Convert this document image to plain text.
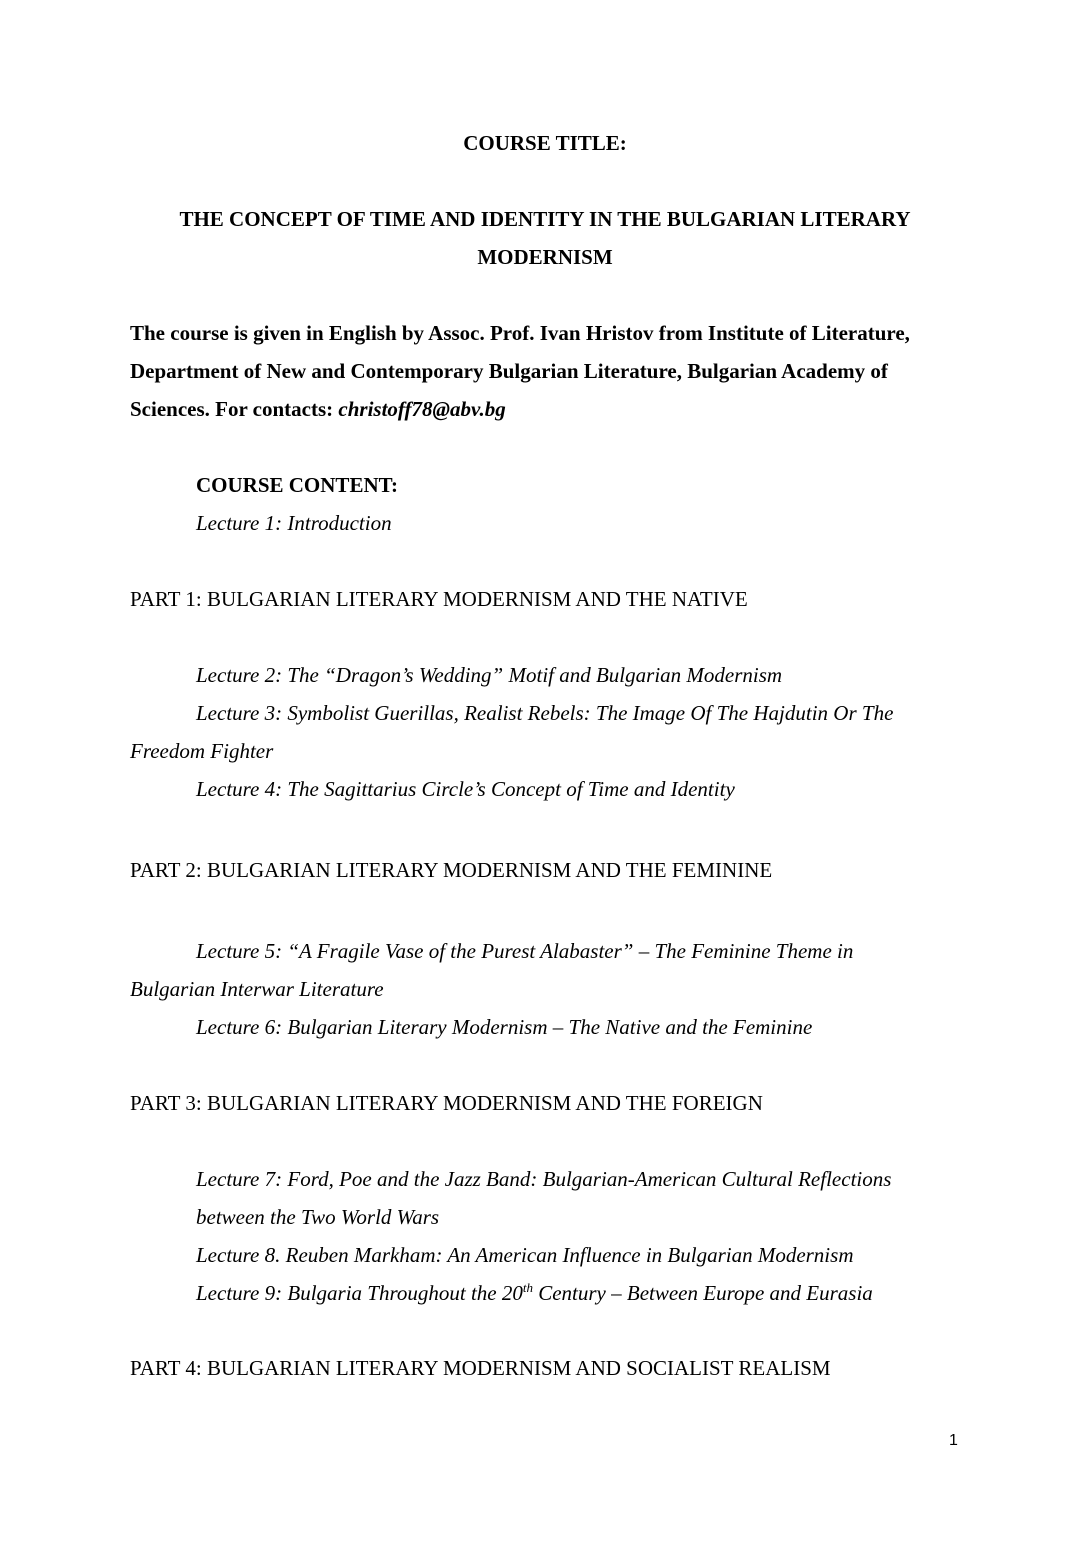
COURSE TITLE:
THE CONCEPT OF TIME AND IDENTITY IN THE BULGARIAN LITERARY
MODERNISM
The course is given in English by Assoc. Prof. Ivan Hristov from Institute of Literature,
Department of New and Contemporary Bulgarian Literature, Bulgarian Academy of
Sciences. For contacts: christoff78@abv.bg
COURSE CONTENT:
Lecture 1: Introduction
PART 1: BULGARIAN LITERARY MODERNISM AND THE NATIVE
Lecture 2: The “Dragon’s Wedding” Motif and Bulgarian Modernism
Lecture 3: Symbolist Guerillas, Realist Rebels: The Image Of The Hajdutin Or The
Freedom Fighter
Lecture 4: The Sagittarius Circle’s Concept of Time and Identity
PART 2: BULGARIAN LITERARY MODERNISM AND THE FEMININE
Lecture 5: “A Fragile Vase of the Purest Alabaster” – The Feminine Theme in
Bulgarian Interwar Literature
Lecture 6: Bulgarian Literary Modernism – The Native and the Feminine
PART 3: BULGARIAN LITERARY MODERNISM AND THE FOREIGN
Lecture 7: Ford, Poe and the Jazz Band: Bulgarian-American Cultural Reflections
between the Two World Wars
Lecture 8. Reuben Markham: An American Influence in Bulgarian Modernism
Lecture 9: Bulgaria Throughout the 20th Century – Between Europe and Eurasia
PART 4: BULGARIAN LITERARY MODERNISM AND SOCIALIST REALISM
1
